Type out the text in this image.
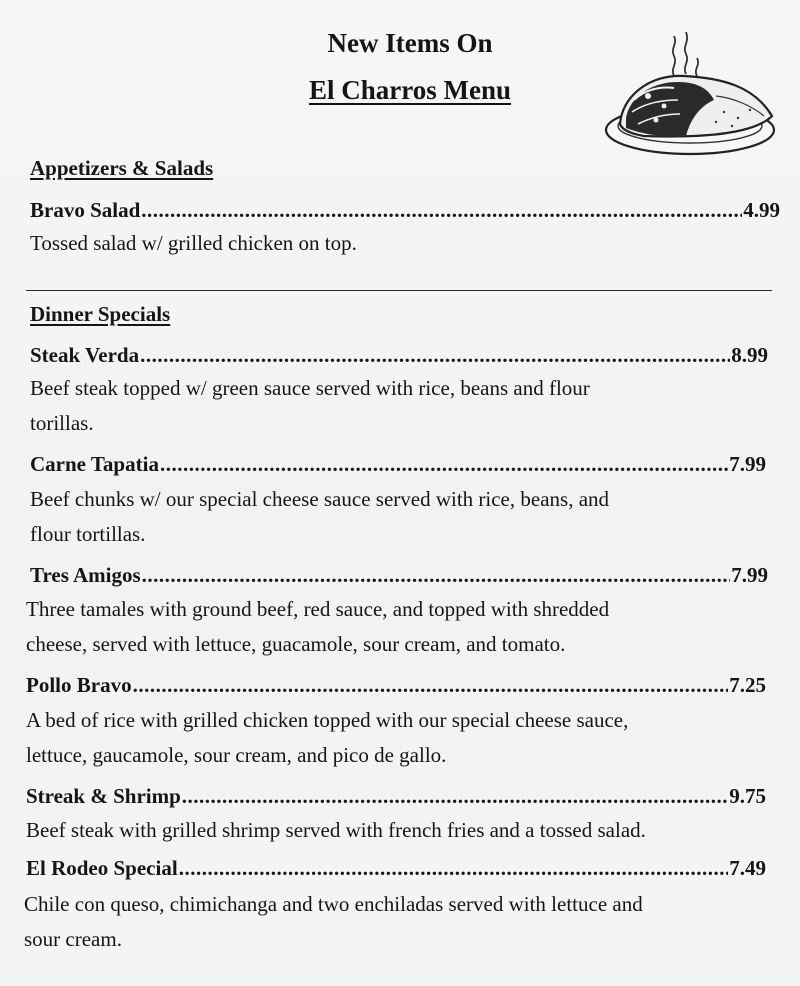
New Items On
El Charros Menu
Appetizers & Salads
Bravo Salad .....	4.99
Tossed salad w/ grilled chicken on top.
Dinner Specials
Steak Verda .....	8.99
Beef steak topped w/ green sauce served with rice, beans and flour
torillas.
Carne Tapatia .....	7.99
Beef chunks w/ our special cheese sauce served with rice, beans, and
flour tortillas.
Tres Amigos .....	7.99
Three tamales with ground beef, red sauce, and topped with shredded
cheese, served with lettuce, guacamole, sour cream, and tomato.
Pollo Bravo .....	7.25
A bed of rice with grilled chicken topped with our special cheese sauce,
lettuce, gaucamole, sour cream, and pico de gallo.
Streak & Shrimp .....	9.75
Beef steak with grilled shrimp served with french fries and a tossed salad.
El Rodeo Special .....	7.49
Chile con queso, chimichanga and two enchiladas served with lettuce and
sour cream.
